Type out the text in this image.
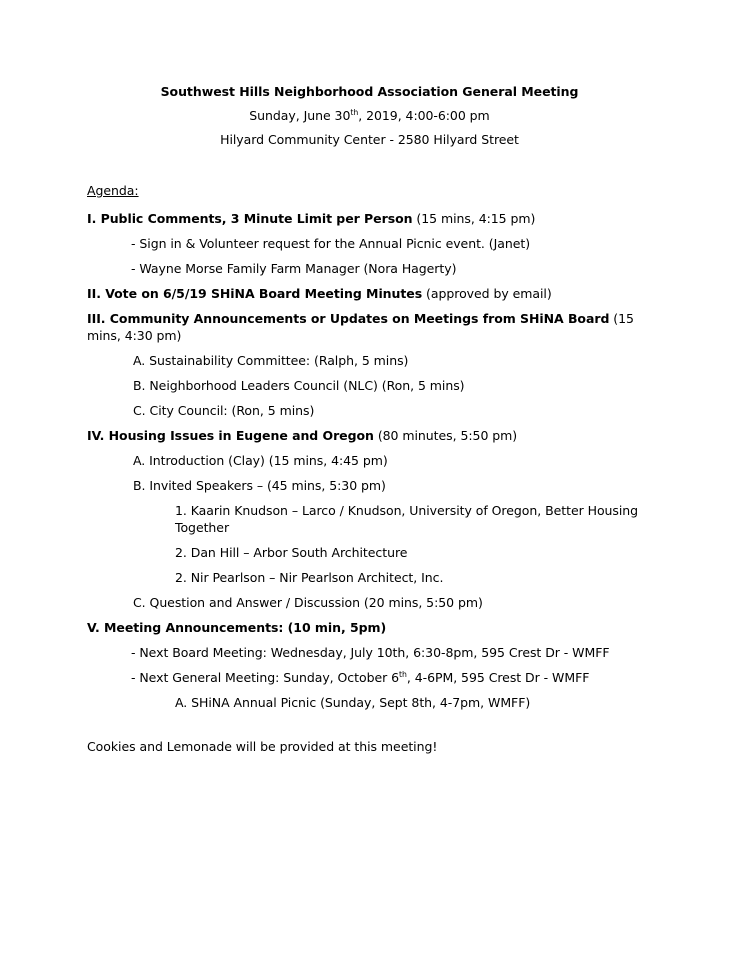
Southwest Hills Neighborhood Association General Meeting
Sunday, June 30th, 2019, 4:00-6:00 pm
Hilyard Community Center - 2580 Hilyard Street

Agenda:

I. Public Comments, 3 Minute Limit per Person (15 mins, 4:15 pm)

- Sign in & Volunteer request for the Annual Picnic event. (Janet)

- Wayne Morse Family Farm Manager (Nora Hagerty)

II. Vote on 6/5/19 SHiNA Board Meeting Minutes (approved by email)

III. Community Announcements or Updates on Meetings from SHiNA Board (15 mins, 4:30 pm)

A. Sustainability Committee: (Ralph, 5 mins)

B. Neighborhood Leaders Council (NLC) (Ron, 5 mins)

C. City Council: (Ron, 5 mins)

IV. Housing Issues in Eugene and Oregon (80 minutes, 5:50 pm)

A. Introduction (Clay) (15 mins, 4:45 pm)

B. Invited Speakers – (45 mins, 5:30 pm)

1. Kaarin Knudson – Larco / Knudson, University of Oregon, Better Housing Together

2. Dan Hill – Arbor South Architecture

2. Nir Pearlson – Nir Pearlson Architect, Inc.

C. Question and Answer / Discussion (20 mins, 5:50 pm)

V. Meeting Announcements: (10 min, 5pm)

- Next Board Meeting: Wednesday, July 10th, 6:30-8pm, 595 Crest Dr - WMFF

- Next General Meeting: Sunday, October 6th, 4-6PM, 595 Crest Dr - WMFF

A. SHiNA Annual Picnic (Sunday, Sept 8th, 4-7pm, WMFF)

Cookies and Lemonade will be provided at this meeting!
